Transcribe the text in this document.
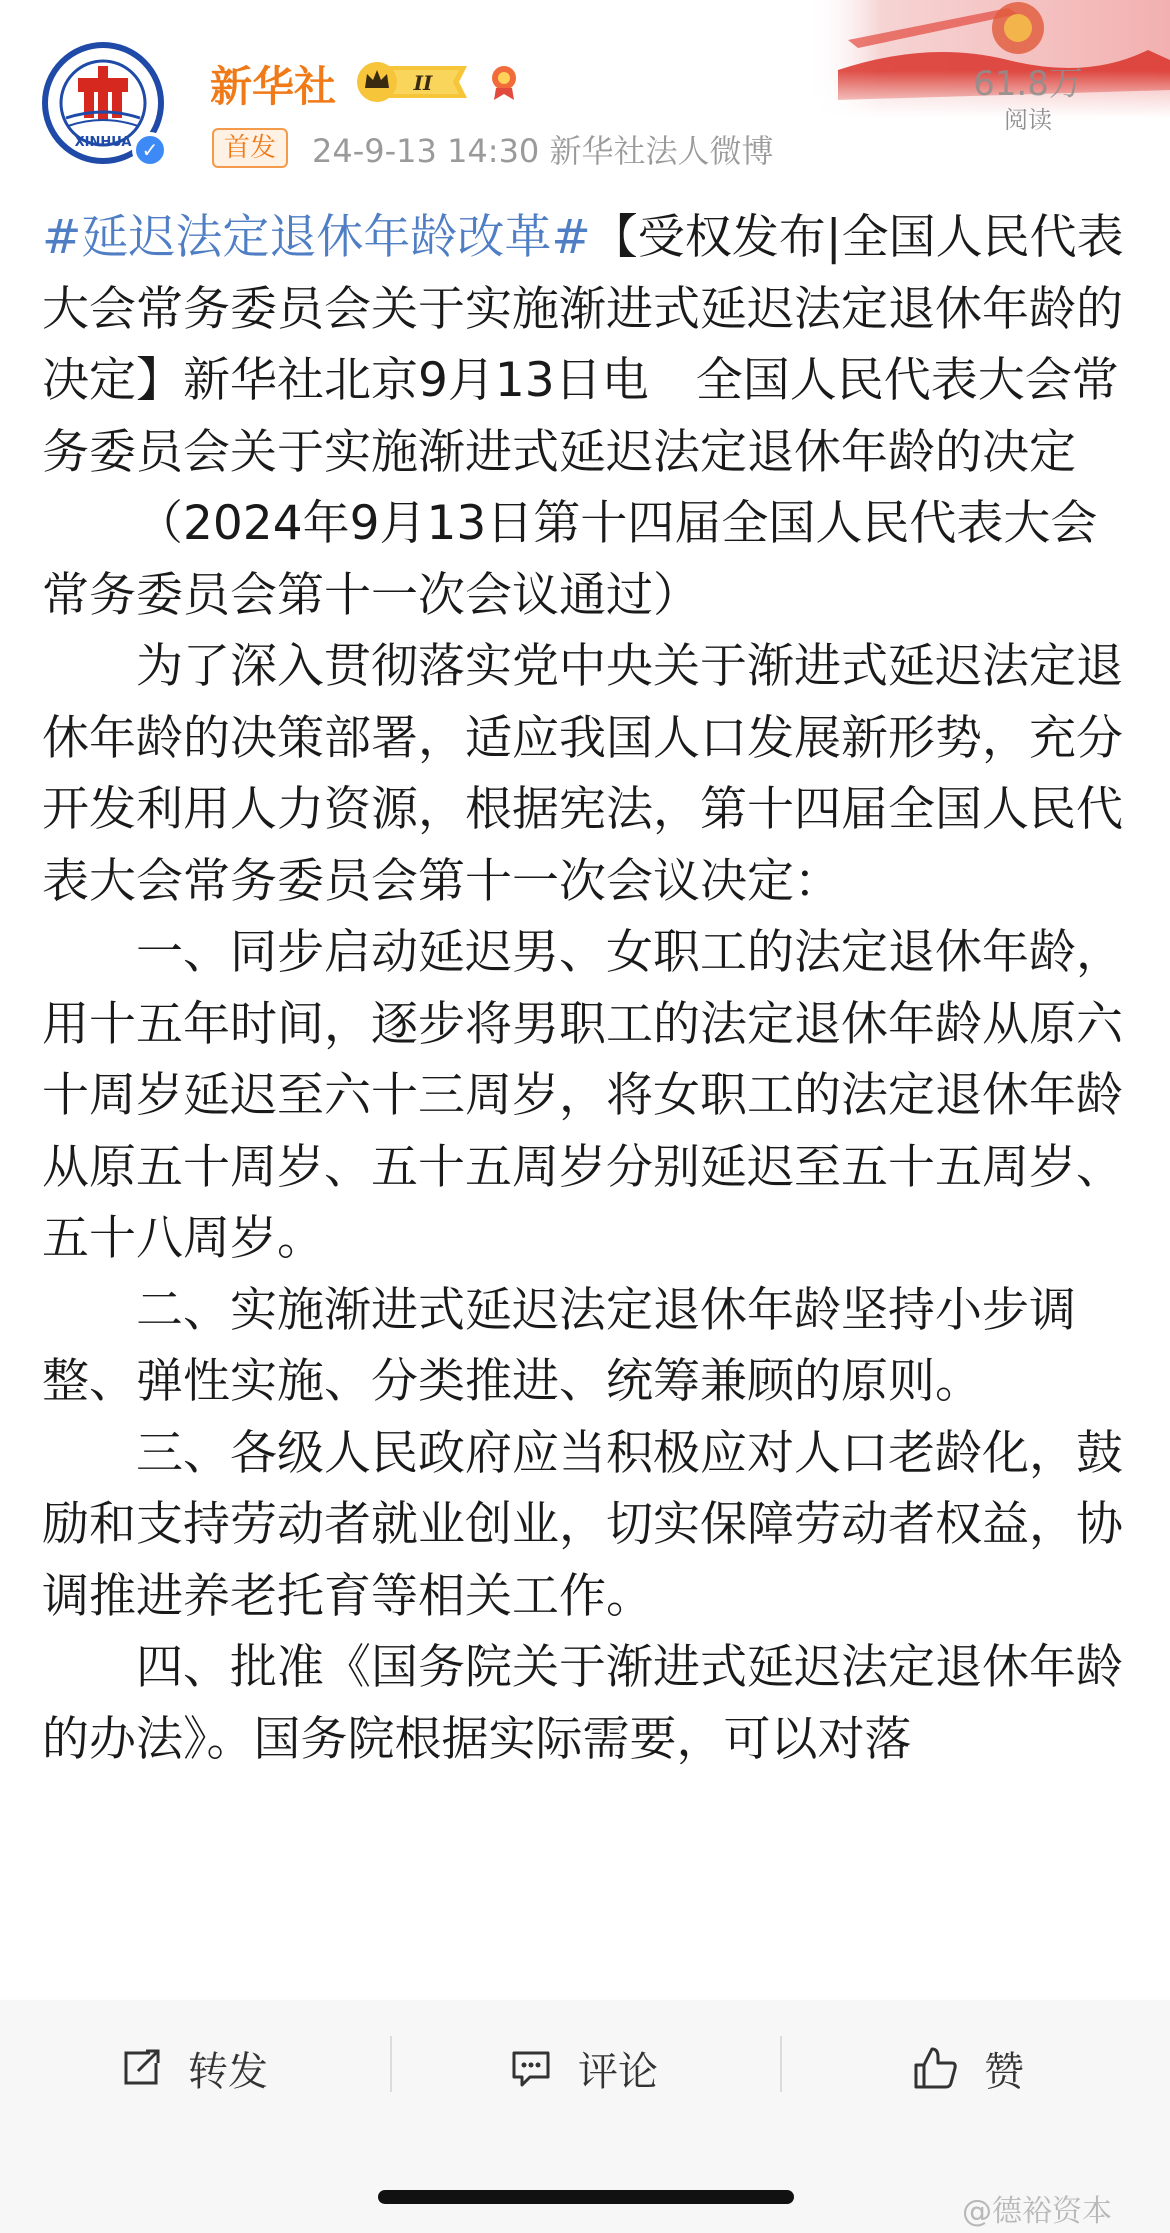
61.8万
阅读
XINHUA ✓
新华社	II
首发	24-9-13 14:30 新华社法人微博

#延迟法定退休年龄改革#【受权发布|全国人民代表大会常务委员会关于实施渐进式延迟法定退休年龄的决定】新华社北京9月13日电　全国人民代表大会常务委员会关于实施渐进式延迟法定退休年龄的决定

（2024年9月13日第十四届全国人民代表大会常务委员会第十一次会议通过）

为了深入贯彻落实党中央关于渐进式延迟法定退休年龄的决策部署，适应我国人口发展新形势，充分开发利用人力资源，根据宪法，第十四届全国人民代表大会常务委员会第十一次会议决定：

一、同步启动延迟男、女职工的法定退休年龄，用十五年时间，逐步将男职工的法定退休年龄从原六十周岁延迟至六十三周岁，将女职工的法定退休年龄从原五十周岁、五十五周岁分别延迟至五十五周岁、五十八周岁。

二、实施渐进式延迟法定退休年龄坚持小步调整、弹性实施、分类推进、统筹兼顾的原则。

三、各级人民政府应当积极应对人口老龄化，鼓励和支持劳动者就业创业，切实保障劳动者权益，协调推进养老托育等相关工作。

四、批准《国务院关于渐进式延迟法定退休年龄的办法》。国务院根据实际需要，可以对落

转发	评论	赞
@德裕资本
